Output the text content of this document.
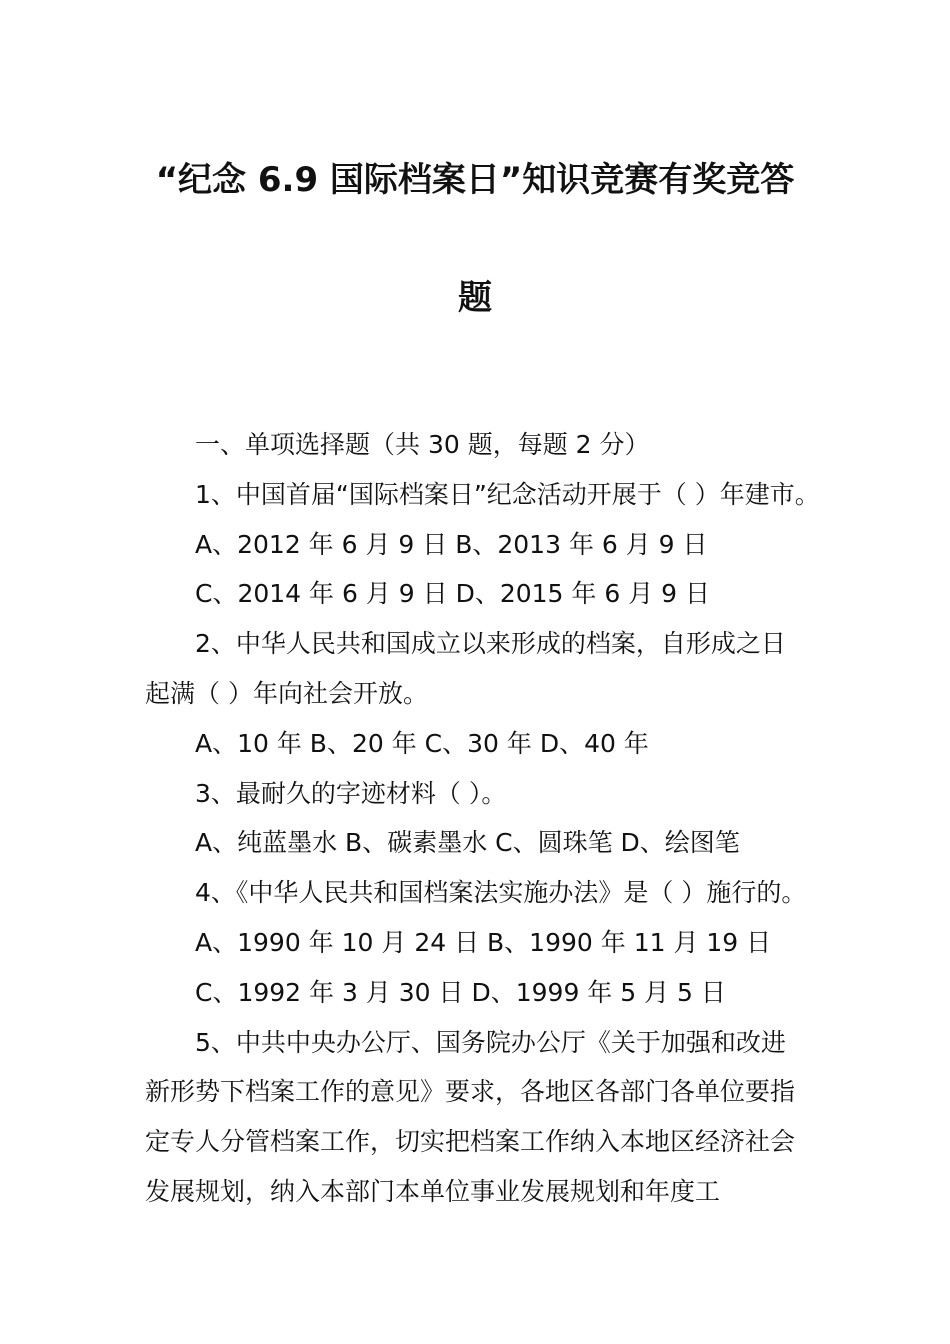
“纪念 6.9 国际档案日”知识竞赛有奖竞答
题

一、单项选择题（共 30 题，每题 2 分）

1、中国首届“国际档案日”纪念活动开展于（ ）年建市。

A、2012 年 6 月 9 日 B、2013 年 6 月 9 日

C、2014 年 6 月 9 日 D、2015 年 6 月 9 日

2、中华人民共和国成立以来形成的档案，自形成之日起满（ ）年向社会开放。

A、10 年 B、20 年 C、30 年 D、40 年

3、最耐久的字迹材料（ ）。

A、纯蓝墨水 B、碳素墨水 C、圆珠笔 D、绘图笔

4、《中华人民共和国档案法实施办法》是（ ）施行的。

A、1990 年 10 月 24 日 B、1990 年 11 月 19 日

C、1992 年 3 月 30 日 D、1999 年 5 月 5 日

5、中共中央办公厅、国务院办公厅《关于加强和改进新形势下档案工作的意见》要求，各地区各部门各单位要指定专人分管档案工作，切实把档案工作纳入本地区经济社会发展规划，纳入本部门本单位事业发展规划和年度工
